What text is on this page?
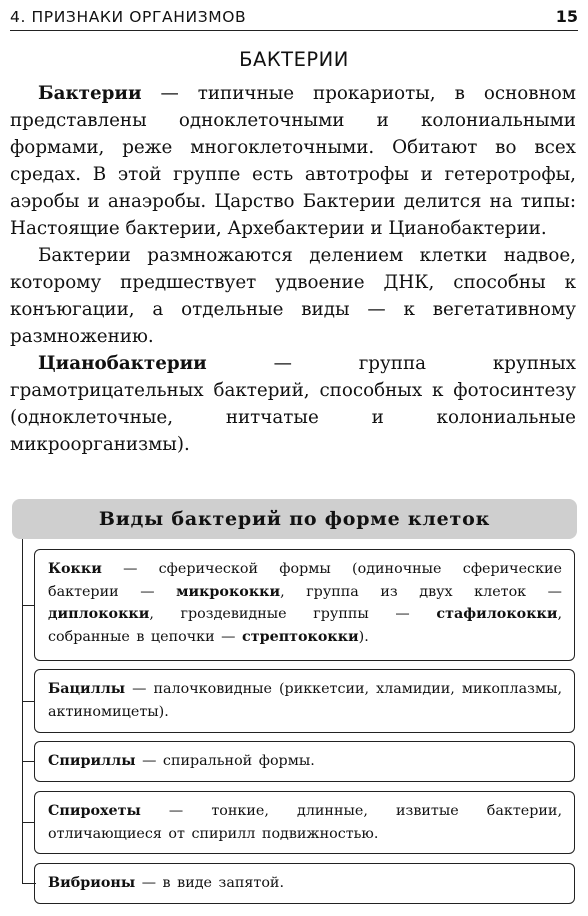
4. ПРИЗНАКИ ОРГАНИЗМОВ	15
БАКТЕРИИ

Бактерии — типичные прокариоты, в основном представлены одноклеточными и колониальными формами, реже многоклеточными. Обитают во всех средах. В этой группе есть автотрофы и гетеротрофы, аэробы и анаэробы. Царство Бактерии делится на типы: Настоящие бактерии, Архебактерии и Цианобактерии.

Бактерии размножаются делением клетки надвое, которому предшествует удвоение ДНК, способны к конъюгации, а отдельные виды — к вегетативному размножению.

Цианобактерии — группа крупных грамотрицательных бактерий, способных к фотосинтезу (одноклеточные, нитчатые и колониальные микроорганизмы).

Виды бактерий по форме клеток
Кокки — сферической формы (одиночные сферические бактерии — микрококки, группа из двух клеток — диплококки, гроздевидные группы — стафилококки, собранные в цепочки — стрептококки).
Бациллы — палочковидные (риккетсии, хламидии, микоплазмы, актиномицеты).
Спириллы — спиральной формы.
Спирохеты — тонкие, длинные, извитые бактерии, отличающиеся от спирилл подвижностью.
Вибрионы — в виде запятой.
